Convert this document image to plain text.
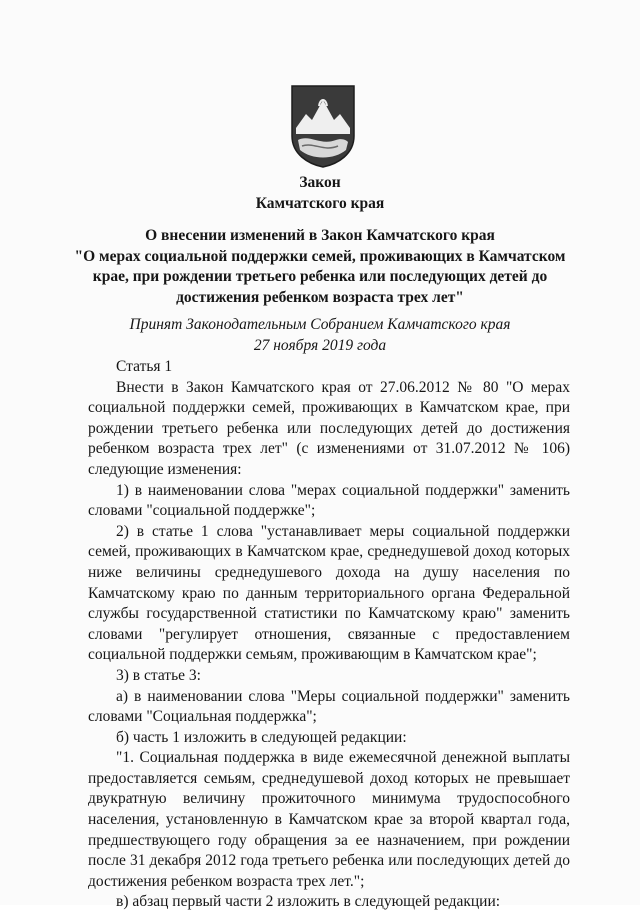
Закон
Камчатского края
О внесении изменений в Закон Камчатского края
"О мерах социальной поддержки семей, проживающих в Камчатском
крае, при рождении третьего ребенка или последующих детей до
достижения ребенком возраста трех лет"
Принят Законодательным Собранием Камчатского края
27 ноября 2019 года
Статья 1

Внести в Закон Камчатского края от 27.06.2012 № 80 "О мерах социальной поддержки семей, проживающих в Камчатском крае, при рождении третьего ребенка или последующих детей до достижения ребенком возраста трех лет" (с изменениями от 31.07.2012 № 106) следующие изменения:

1) в наименовании слова "мерах социальной поддержки" заменить словами "социальной поддержке";

2) в статье 1 слова "устанавливает меры социальной поддержки семей, проживающих в Камчатском крае, среднедушевой доход которых ниже величины среднедушевого дохода на душу населения по Камчатскому краю по данным территориального органа Федеральной службы государственной статистики по Камчатскому краю" заменить словами "регулирует отношения, связанные с предоставлением социальной поддержки семьям, проживающим в Камчатском крае";

3) в статье 3:

а) в наименовании слова "Меры социальной поддержки" заменить словами "Социальная поддержка";

б) часть 1 изложить в следующей редакции:

"1. Социальная поддержка в виде ежемесячной денежной выплаты предоставляется семьям, среднедушевой доход которых не превышает двукратную величину прожиточного минимума трудоспособного населения, установленную в Камчатском крае за второй квартал года, предшествующего году обращения за ее назначением, при рождении после 31 декабря 2012 года третьего ребенка или последующих детей до достижения ребенком возраста трех лет.";

в) абзац первый части 2 изложить в следующей редакции:
